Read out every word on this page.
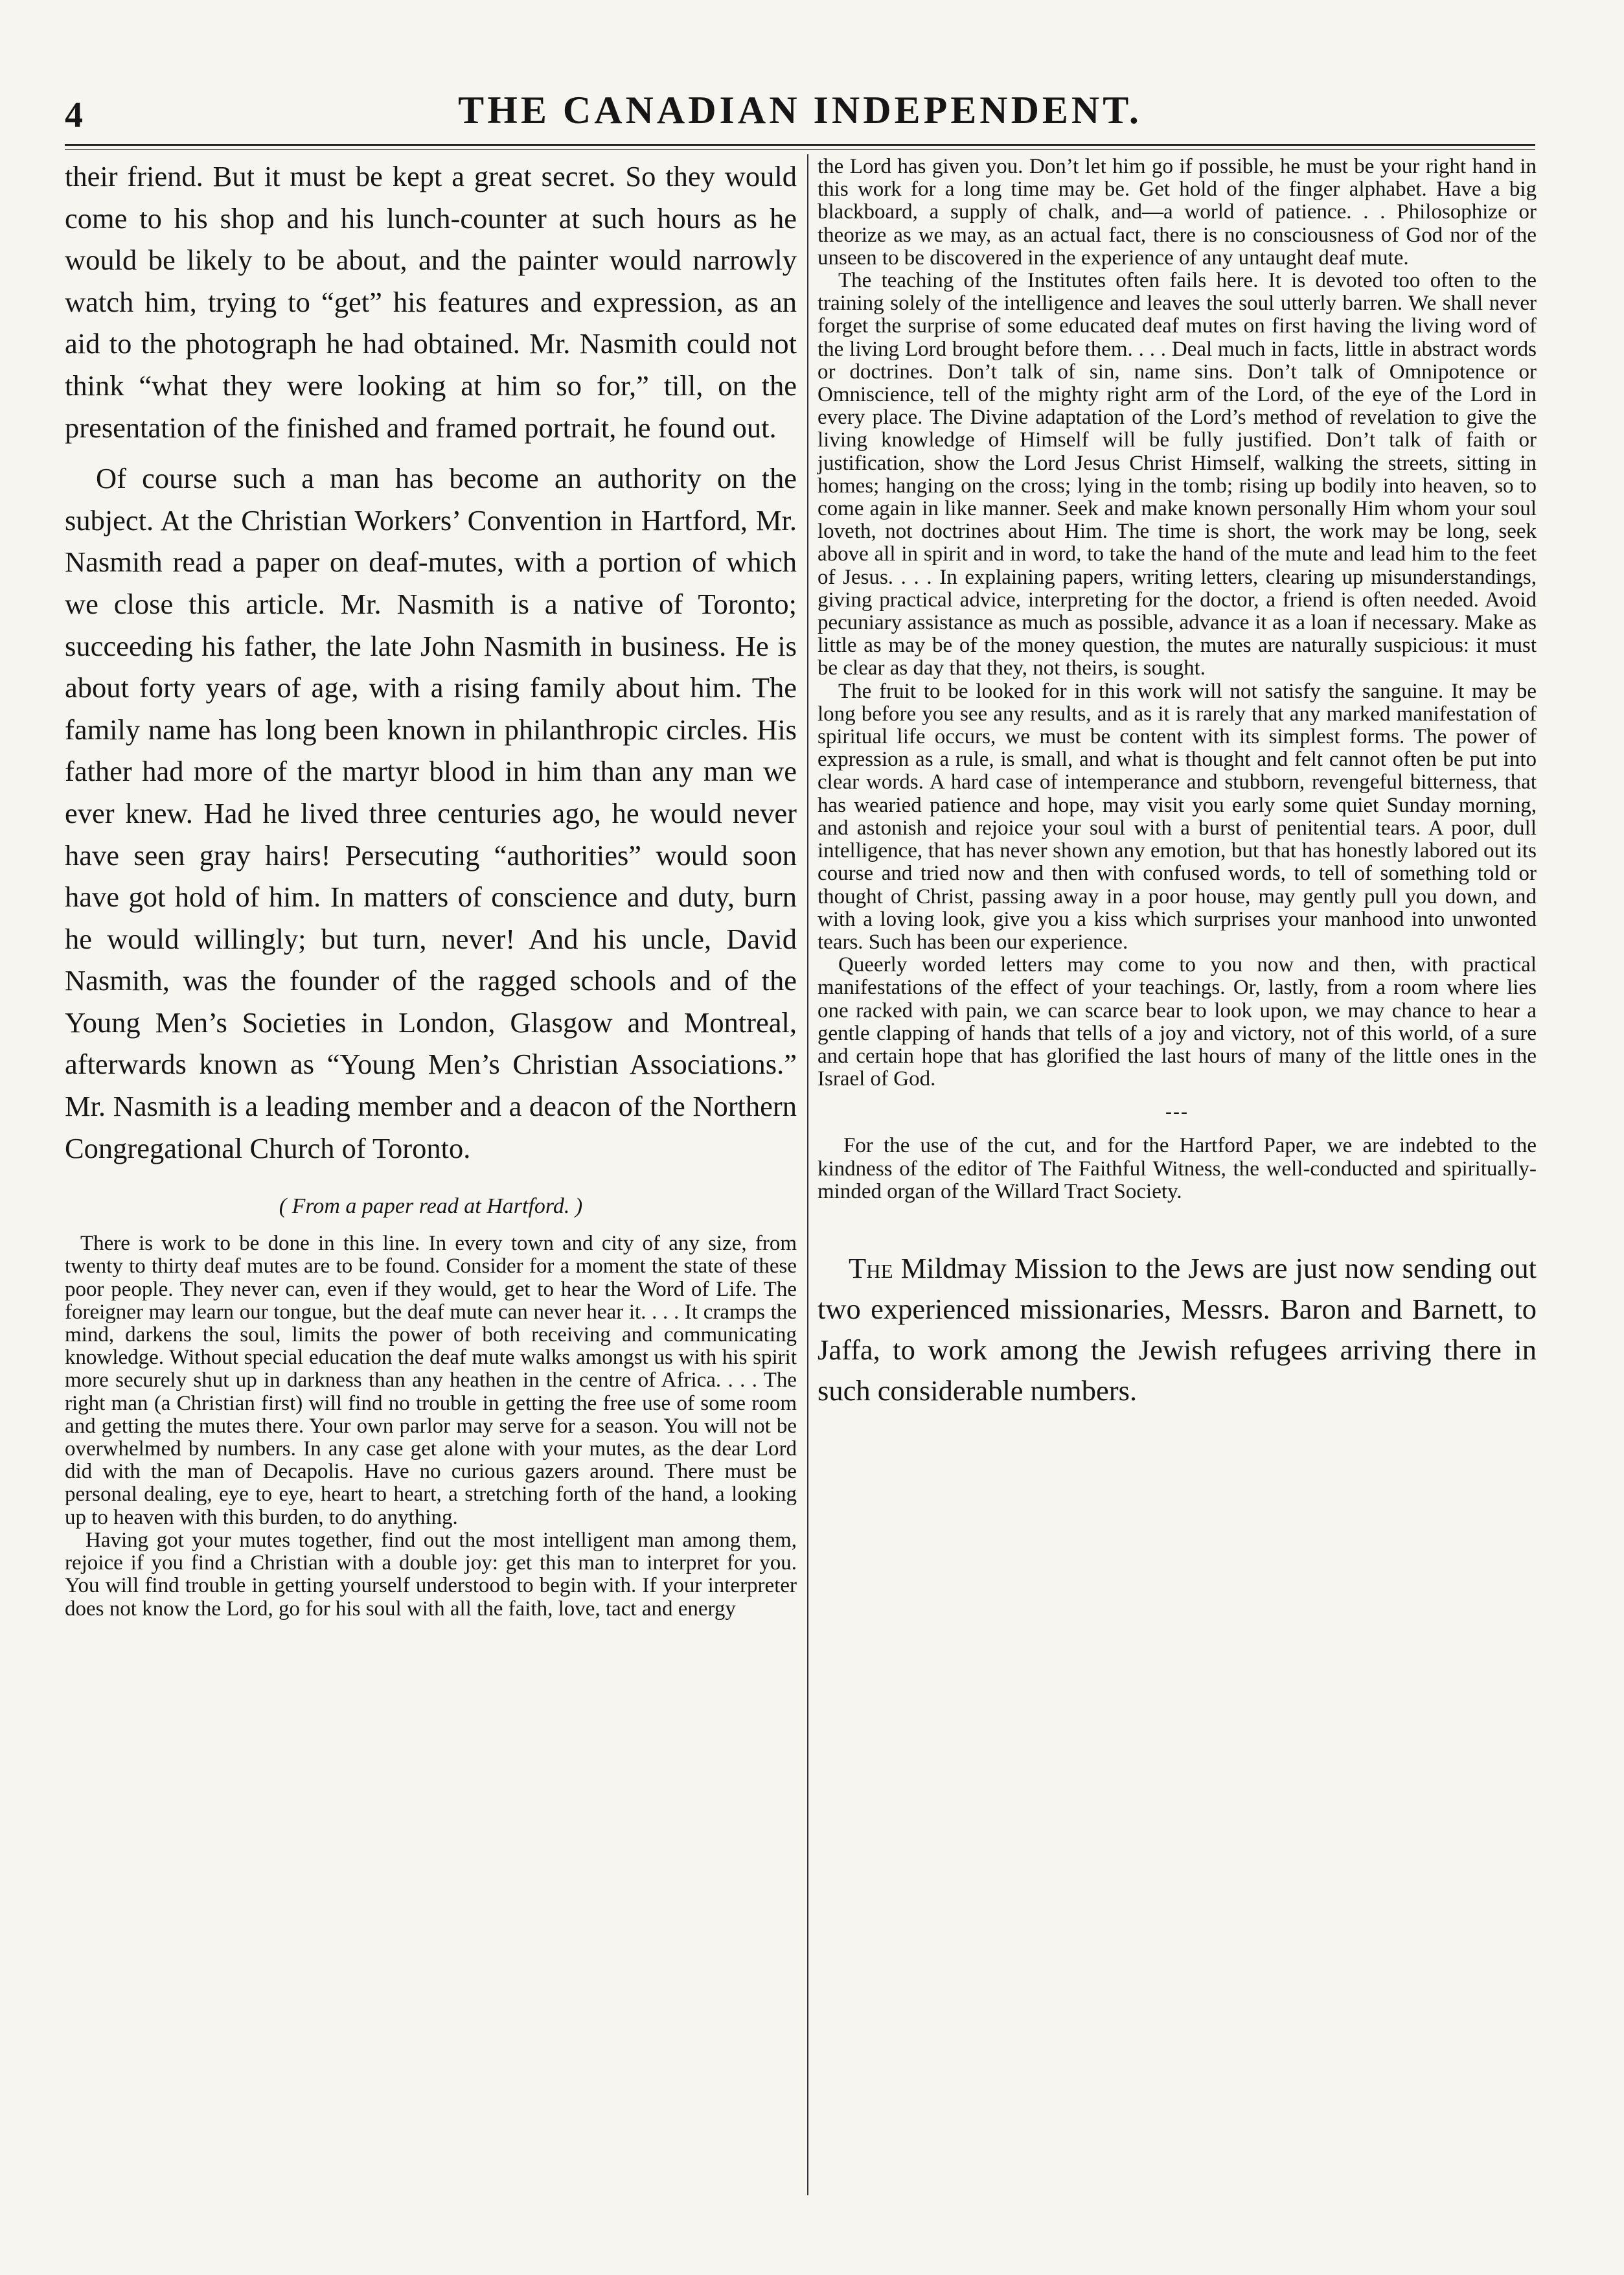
4	THE CANADIAN INDEPENDENT.

their friend. But it must be kept a great secret. So they would come to his shop and his lunch-counter at such hours as he would be likely to be about, and the painter would narrowly watch him, trying to “get” his features and expression, as an aid to the photograph he had obtained. Mr. Nasmith could not think “what they were looking at him so for,” till, on the presentation of the finished and framed portrait, he found out.

Of course such a man has become an authority on the subject. At the Christian Workers’ Convention in Hartford, Mr. Nasmith read a paper on deaf-mutes, with a portion of which we close this article. Mr. Nasmith is a native of Toronto; succeeding his father, the late John Nasmith in business. He is about forty years of age, with a rising family about him. The family name has long been known in philanthropic circles. His father had more of the martyr blood in him than any man we ever knew. Had he lived three centuries ago, he would never have seen gray hairs! Persecuting “authorities” would soon have got hold of him. In matters of conscience and duty, burn he would willingly; but turn, never! And his uncle, David Nasmith, was the founder of the ragged schools and of the Young Men’s Societies in London, Glasgow and Montreal, afterwards known as “Young Men’s Christian Associations.” Mr. Nasmith is a leading member and a deacon of the Northern Congregational Church of Toronto.

( From a paper read at Hartford. )

There is work to be done in this line. In every town and city of any size, from twenty to thirty deaf mutes are to be found. Consider for a moment the state of these poor people. They never can, even if they would, get to hear the Word of Life. The foreigner may learn our tongue, but the deaf mute can never hear it. . . . It cramps the mind, darkens the soul, limits the power of both receiving and communicating knowledge. Without special education the deaf mute walks amongst us with his spirit more securely shut up in darkness than any heathen in the centre of Africa. . . . The right man (a Christian first) will find no trouble in getting the free use of some room and getting the mutes there. Your own parlor may serve for a season. You will not be overwhelmed by numbers. In any case get alone with your mutes, as the dear Lord did with the man of Decapolis. Have no curious gazers around. There must be personal dealing, eye to eye, heart to heart, a stretching forth of the hand, a looking up to heaven with this burden, to do anything.

Having got your mutes together, find out the most intelligent man among them, rejoice if you find a Christian with a double joy: get this man to interpret for you. You will find trouble in getting yourself understood to begin with. If your interpreter does not know the Lord, go for his soul with all the faith, love, tact and energy

the Lord has given you. Don’t let him go if possible, he must be your right hand in this work for a long time may be. Get hold of the finger alphabet. Have a big blackboard, a supply of chalk, and—a world of patience. . . Philosophize or theorize as we may, as an actual fact, there is no consciousness of God nor of the unseen to be discovered in the experience of any untaught deaf mute.

The teaching of the Institutes often fails here. It is devoted too often to the training solely of the intelligence and leaves the soul utterly barren. We shall never forget the surprise of some educated deaf mutes on first having the living word of the living Lord brought before them. . . . Deal much in facts, little in abstract words or doctrines. Don’t talk of sin, name sins. Don’t talk of Omnipotence or Omniscience, tell of the mighty right arm of the Lord, of the eye of the Lord in every place. The Divine adaptation of the Lord’s method of revelation to give the living knowledge of Himself will be fully justified. Don’t talk of faith or justification, show the Lord Jesus Christ Himself, walking the streets, sitting in homes; hanging on the cross; lying in the tomb; rising up bodily into heaven, so to come again in like manner. Seek and make known personally Him whom your soul loveth, not doctrines about Him. The time is short, the work may be long, seek above all in spirit and in word, to take the hand of the mute and lead him to the feet of Jesus. . . . In explaining papers, writing letters, clearing up misunderstandings, giving practical advice, interpreting for the doctor, a friend is often needed. Avoid pecuniary assistance as much as possible, advance it as a loan if necessary. Make as little as may be of the money question, the mutes are naturally suspicious: it must be clear as day that they, not theirs, is sought.

The fruit to be looked for in this work will not satisfy the sanguine. It may be long before you see any results, and as it is rarely that any marked manifestation of spiritual life occurs, we must be content with its simplest forms. The power of expression as a rule, is small, and what is thought and felt cannot often be put into clear words. A hard case of intemperance and stubborn, revengeful bitterness, that has wearied patience and hope, may visit you early some quiet Sunday morning, and astonish and rejoice your soul with a burst of penitential tears. A poor, dull intelligence, that has never shown any emotion, but that has honestly labored out its course and tried now and then with confused words, to tell of something told or thought of Christ, passing away in a poor house, may gently pull you down, and with a loving look, give you a kiss which surprises your manhood into unwonted tears. Such has been our experience.

Queerly worded letters may come to you now and then, with practical manifestations of the effect of your teachings. Or, lastly, from a room where lies one racked with pain, we can scarce bear to look upon, we may chance to hear a gentle clapping of hands that tells of a joy and victory, not of this world, of a sure and certain hope that has glorified the last hours of many of the little ones in the Israel of God.

---

For the use of the cut, and for the Hartford Paper, we are indebted to the kindness of the editor of The Faithful Witness, the well-conducted and spiritually-minded organ of the Willard Tract Society.

The Mildmay Mission to the Jews are just now sending out two experienced missionaries, Messrs. Baron and Barnett, to Jaffa, to work among the Jewish refugees arriving there in such considerable numbers.
